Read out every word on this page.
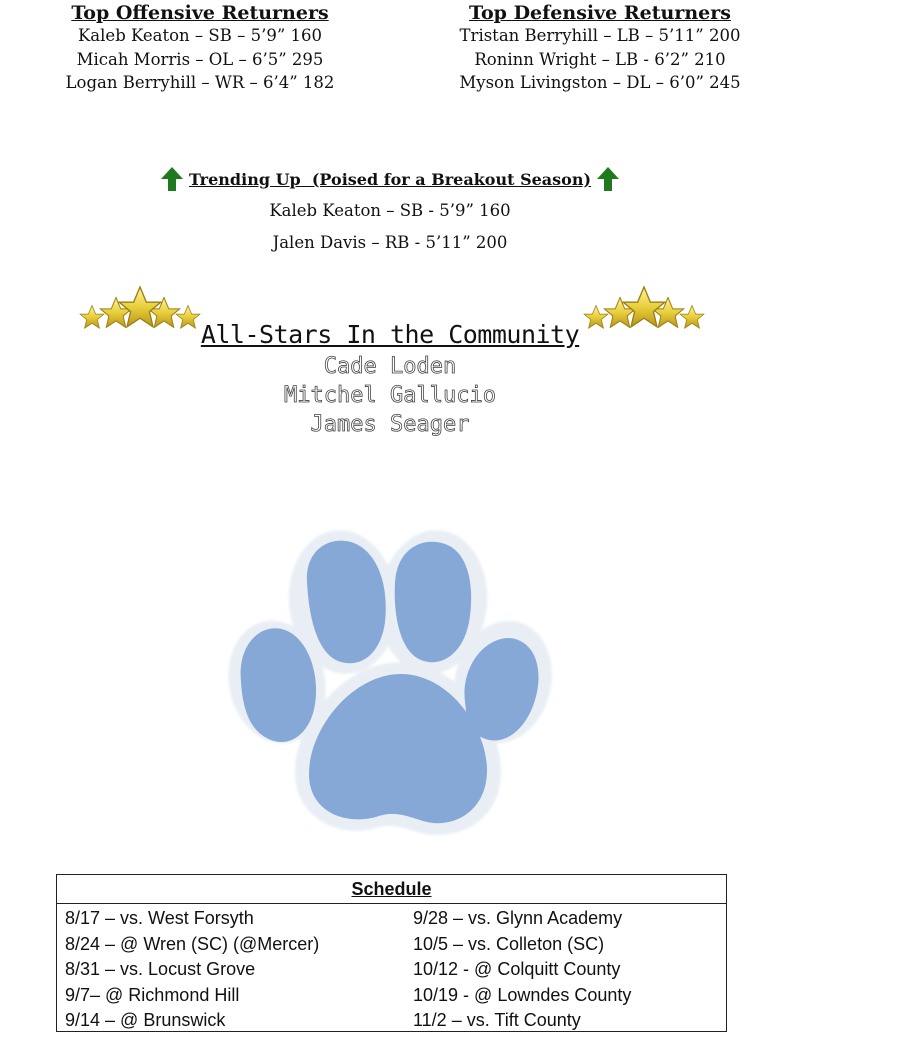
Top Offensive Returners
Kaleb Keaton – SB – 5’9” 160
Micah Morris – OL – 6’5” 295
Logan Berryhill – WR – 6’4” 182
Top Defensive Returners
Tristan Berryhill – LB – 5’11” 200
Roninn Wright – LB - 6’2” 210
Myson Livingston – DL – 6’0” 245
Trending Up  (Poised for a Breakout Season)
Kaleb Keaton – SB - 5’9” 160
Jalen Davis – RB - 5’11” 200
All-Stars In the Community
Cade Loden
Mitchel Gallucio
James Seager
Schedule
8/17 – vs. West Forsyth
8/24 – @ Wren (SC) (@Mercer)
8/31 – vs. Locust Grove
9/7– @ Richmond Hill
9/14 – @ Brunswick
9/28 – vs. Glynn Academy
10/5 – vs. Colleton (SC)
10/12 - @ Colquitt County
10/19 - @ Lowndes County
11/2 – vs. Tift County
